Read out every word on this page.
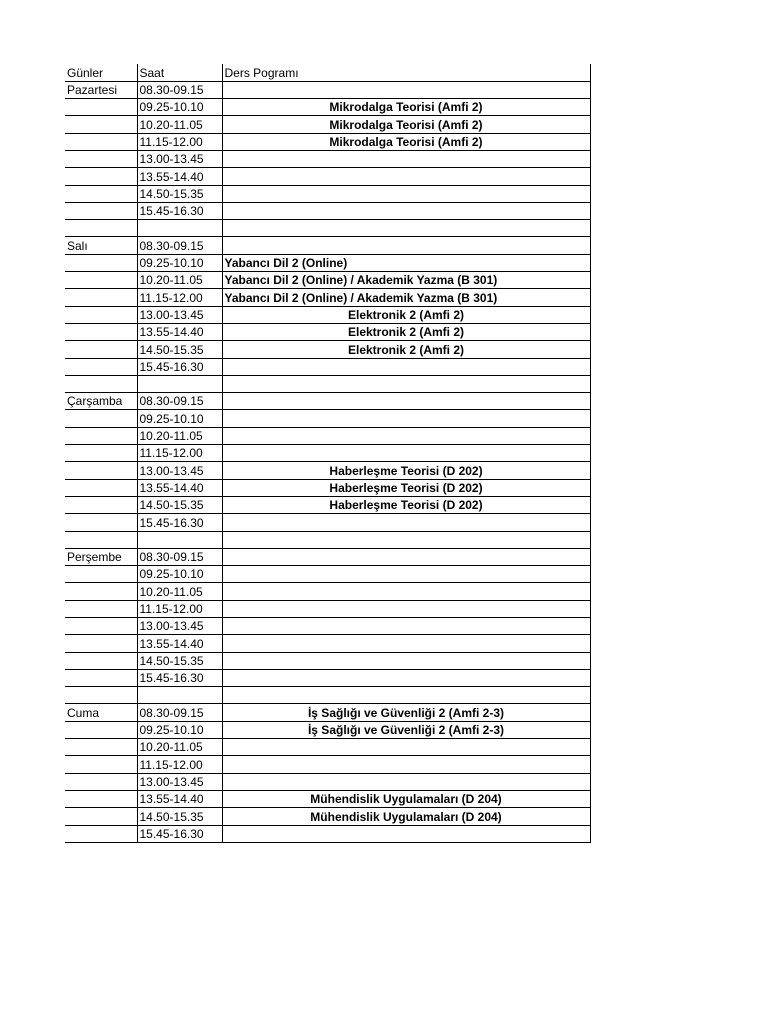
Günler	Saat	Ders Pogramı
Pazartesi	08.30-09.15	
	09.25-10.10	Mikrodalga Teorisi (Amfi 2)
	10.20-11.05	Mikrodalga Teorisi (Amfi 2)
	11.15-12.00	Mikrodalga Teorisi (Amfi 2)
	13.00-13.45	
	13.55-14.40	
	14.50-15.35	
	15.45-16.30	

Salı	08.30-09.15	
	09.25-10.10	Yabancı Dil 2 (Online)
	10.20-11.05	Yabancı Dil 2 (Online) / Akademik Yazma (B 301)
	11.15-12.00	Yabancı Dil 2 (Online) / Akademik Yazma (B 301)
	13.00-13.45	Elektronik 2 (Amfi 2)
	13.55-14.40	Elektronik 2 (Amfi 2)
	14.50-15.35	Elektronik 2 (Amfi 2)
	15.45-16.30	

Çarşamba	08.30-09.15	
	09.25-10.10	
	10.20-11.05	
	11.15-12.00	
	13.00-13.45	Haberleşme Teorisi (D 202)
	13.55-14.40	Haberleşme Teorisi (D 202)
	14.50-15.35	Haberleşme Teorisi (D 202)
	15.45-16.30	

Perşembe	08.30-09.15	
	09.25-10.10	
	10.20-11.05	
	11.15-12.00	
	13.00-13.45	
	13.55-14.40	
	14.50-15.35	
	15.45-16.30	

Cuma	08.30-09.15	İş Sağlığı ve Güvenliği 2 (Amfi 2-3)
	09.25-10.10	İş Sağlığı ve Güvenliği 2 (Amfi 2-3)
	10.20-11.05	
	11.15-12.00	
	13.00-13.45	
	13.55-14.40	Mühendislik Uygulamaları (D 204)
	14.50-15.35	Mühendislik Uygulamaları (D 204)
	15.45-16.30	
